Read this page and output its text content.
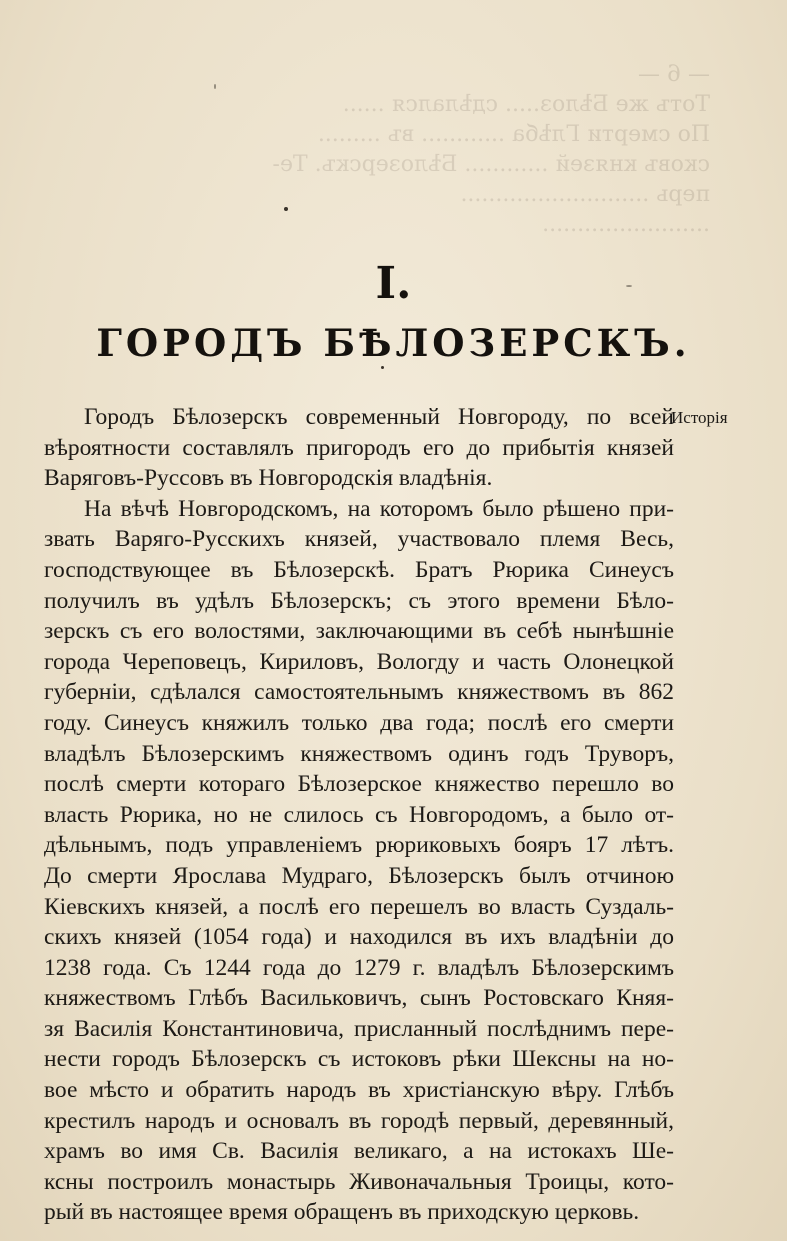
— 6 —
Тотъ же Бѣлоз..... сдѣлался ......
По смерти Глѣба ............ въ .........
сковъ князей ............ Бѣлозерскъ. Те-
перь ...........................
........................
I.
ГОРОДЪ БѢЛОЗЕРСКЪ.
Исторія
Городъ Бѣлозерскъ современный Новгороду, по всей
вѣроятности составлялъ пригородъ его до прибытія князей
Варяговъ-Руссовъ въ Новгородскія владѣнія.
На вѣчѣ Новгородскомъ, на которомъ было рѣшено при-
звать Варяго-Русскихъ князей, участвовало племя Весь,
господствующее въ Бѣлозерскѣ. Братъ Рюрика Синеусъ
получилъ въ удѣлъ Бѣлозерскъ; съ этого времени Бѣло-
зерскъ съ его волостями, заключающими въ себѣ нынѣшніе
города Череповецъ, Кириловъ, Вологду и часть Олонецкой
губерніи, сдѣлался самостоятельнымъ княжествомъ въ 862
году. Синеусъ княжилъ только два года; послѣ его смерти
владѣлъ Бѣлозерскимъ княжествомъ одинъ годъ Труворъ,
послѣ смерти котораго Бѣлозерское княжество перешло во
власть Рюрика, но не слилось съ Новгородомъ, а было от-
дѣльнымъ, подъ управленіемъ рюриковыхъ бояръ 17 лѣтъ.
До смерти Ярослава Мудраго, Бѣлозерскъ былъ отчиною
Кіевскихъ князей, а послѣ его перешелъ во власть Суздаль-
скихъ князей (1054 года) и находился въ ихъ владѣніи до
1238 года. Съ 1244 года до 1279 г. владѣлъ Бѣлозерскимъ
княжествомъ Глѣбъ Васильковичъ, сынъ Ростовскаго Княя-
зя Василія Константиновича, присланный послѣднимъ пере-
нести городъ Бѣлозерскъ съ истоковъ рѣки Шексны на но-
вое мѣсто и обратить народъ въ христіанскую вѣру. Глѣбъ
крестилъ народъ и основалъ въ городѣ первый, деревянный,
храмъ во имя Св. Василія великаго, а на истокахъ Ше-
ксны построилъ монастырь Живоначальныя Троицы, кото-
рый въ настоящее время обращенъ въ приходскую церковь.
